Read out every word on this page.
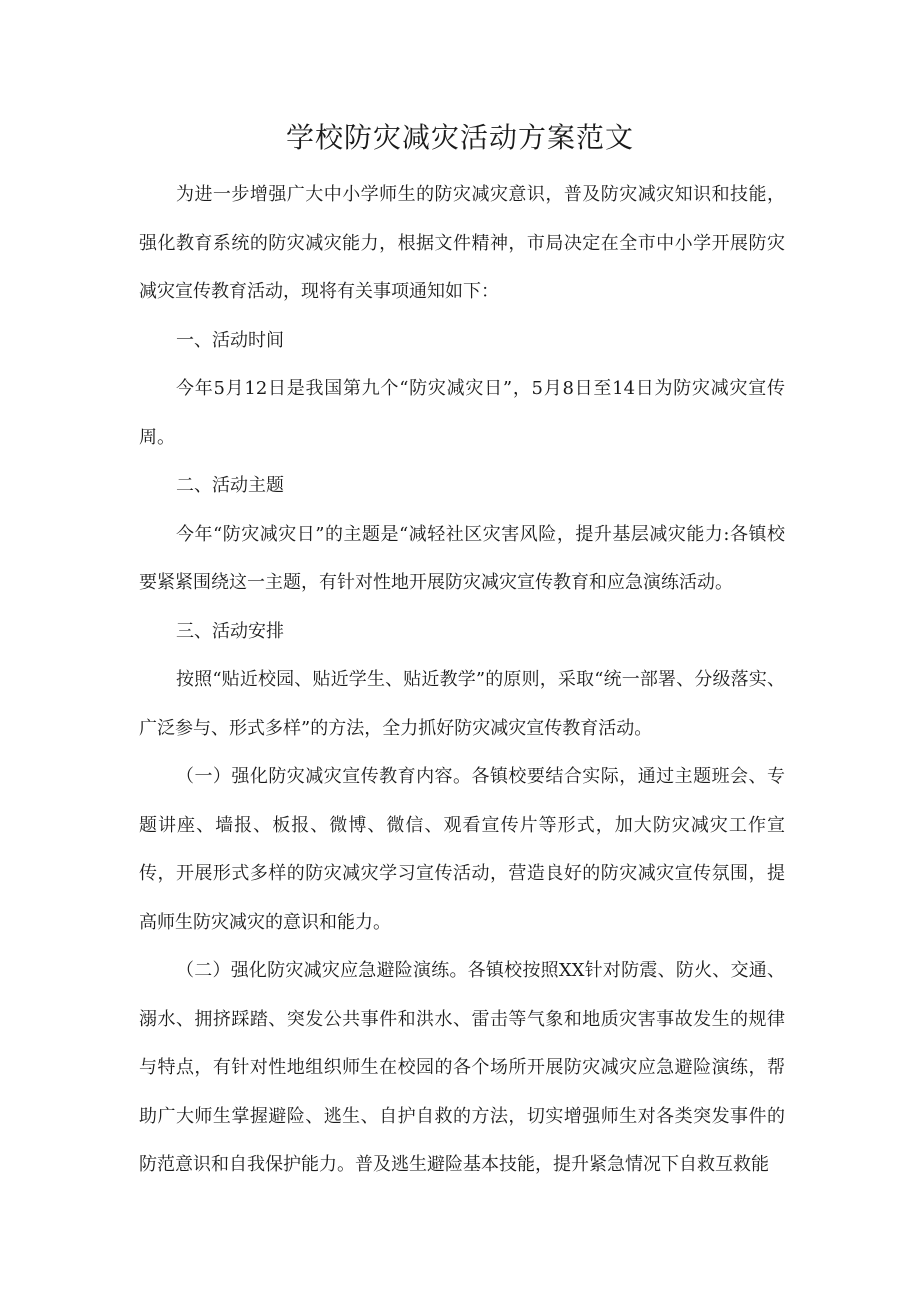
学校防灾减灾活动方案范文

为进一步增强广大中小学师生的防灾减灾意识，普及防灾减灾知识和技能，强化教育系统的防灾减灾能力，根据文件精神，市局决定在全市中小学开展防灾减灾宣传教育活动，现将有关事项通知如下：

一、活动时间

今年5月12日是我国第九个“防灾减灾日”，5月8日至14日为防灾减灾宣传周。

二、活动主题

今年“防灾减灾日”的主题是“减轻社区灾害风险，提升基层减灾能力:各镇校要紧紧围绕这一主题，有针对性地开展防灾减灾宣传教育和应急演练活动。

三、活动安排

按照“贴近校园、贴近学生、贴近教学”的原则，采取“统一部署、分级落实、广泛参与、形式多样”的方法，全力抓好防灾减灾宣传教育活动。

（一）强化防灾减灾宣传教育内容。各镇校要结合实际，通过主题班会、专题讲座、墙报、板报、微博、微信、观看宣传片等形式，加大防灾减灾工作宣传，开展形式多样的防灾减灾学习宣传活动，营造良好的防灾减灾宣传氛围，提高师生防灾减灾的意识和能力。

（二）强化防灾减灾应急避险演练。各镇校按照XX针对防震、防火、交通、溺水、拥挤踩踏、突发公共事件和洪水、雷击等气象和地质灾害事故发生的规律与特点，有针对性地组织师生在校园的各个场所开展防灾减灾应急避险演练，帮助广大师生掌握避险、逃生、自护自救的方法，切实增强师生对各类突发事件的防范意识和自我保护能力。普及逃生避险基本技能，提升紧急情况下自救互救能
